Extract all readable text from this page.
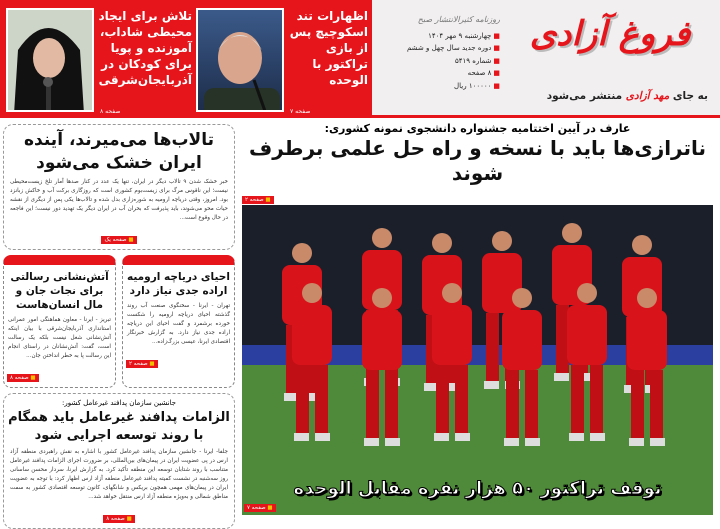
اظهارات تند اسکوچیچ پس از بازی تراکتور با الوحده
صفحه ۷
تلاش برای ایجاد محیطی شاداب، آموزنده و پویا برای کودکان در آذربایجان‌شرقی
صفحه ۸
فروغ آزادی
به جای مهد آزادی منتشر می‌شود
روزنامه کثیرالانتشار صبح
■ چهارشنبه ۹ مهر ۱۴۰۴
■ دوره جدید سال چهل و ششم
■ شماره ۵۴۱۹
■ ۸ صفحه
■ ۱۰۰۰۰۰ ریال
عارف در آیین اختتامیه جشنواره دانشجوی نمونه کشوری:
ناترازی‌ها باید با نسخه و راه حل علمی برطرف شوند
■ صفحه ۲
توقف تراکتور ۵۰ هزار نفره مقابل الوحده
■ صفحه ۷
تالاب‌ها می‌میرند، آینده ایران خشک می‌شود
خبر خشک شدن ۹ تالاب دیگر در ایران، تنها یک عدد در کنار صدها آمار تلخ زیست‌محیطی نیست؛ این ناقوس مرگ برای زیست‌بوم کشوری است که روزگاری برکت آب و خاکش زبانزد بود. امروز، وقتی دریاچه ارومیه به شوره‌زاری بدل شده و تالاب‌ها یکی پس از دیگری از نقشه حیات محو می‌شوند، باید پذیرفت که بحران آب در ایران دیگر یک تهدید دور نیست؛ این فاجعه در حال وقوع است...
■ صفحه یک
احیای دریاچه ارومیه اراده جدی نیاز دارد
تهران - ایرنا - سخنگوی صنعت آب روند گذشته احیای دریاچه ارومیه را شکست خورده برشمرد و گفت احیای این دریاچه اراده جدی نیاز دارد. به گزارش خبرنگار اقتصادی ایرنا، عیسی بزرگ‌زاده...
■ صفحه ۲
آتش‌نشانی رسالتی برای نجات جان و مال انسان‌هاست
تبریز - ایرنا - معاون هماهنگی امور عمرانی استانداری آذربایجان‌شرقی با بیان اینکه آتش‌نشانی شغل نیست بلکه یک رسالت است، گفت: آتش‌نشانان در راستای انجام این رسالت پا به خطر انداختن جان...
■ صفحه ۸
جانشین سازمان پدافند غیرعامل کشور:
الزامات پدافند غیرعامل باید همگام با روند توسعه اجرایی شود
جلفا- ایرنا - جانشین سازمان پدافند غیرعامل کشور با اشاره به نقش راهبردی منطقه آزاد ارس در پی عضویت ایران در پیمان‌های بین‌المللی، بر ضرورت اجرای الزامات پدافند غیرعامل متناسب با روند شتابان توسعه این منطقه تأکید کرد. به گزارش ایرنا، سردار محسن ساسانی روز سه‌شنبه در نشست کمیته پدافند غیرعامل منطقه آزاد ارس اظهار کرد: با توجه به عضویت ایران در پیمان‌های مهمی همچون بریکس و شانگهای، کانون توسعه اقتصادی کشور به سمت مناطق شمالی و به‌ویژه منطقه آزاد ارس منتقل خواهد شد...
■ صفحه ۸
